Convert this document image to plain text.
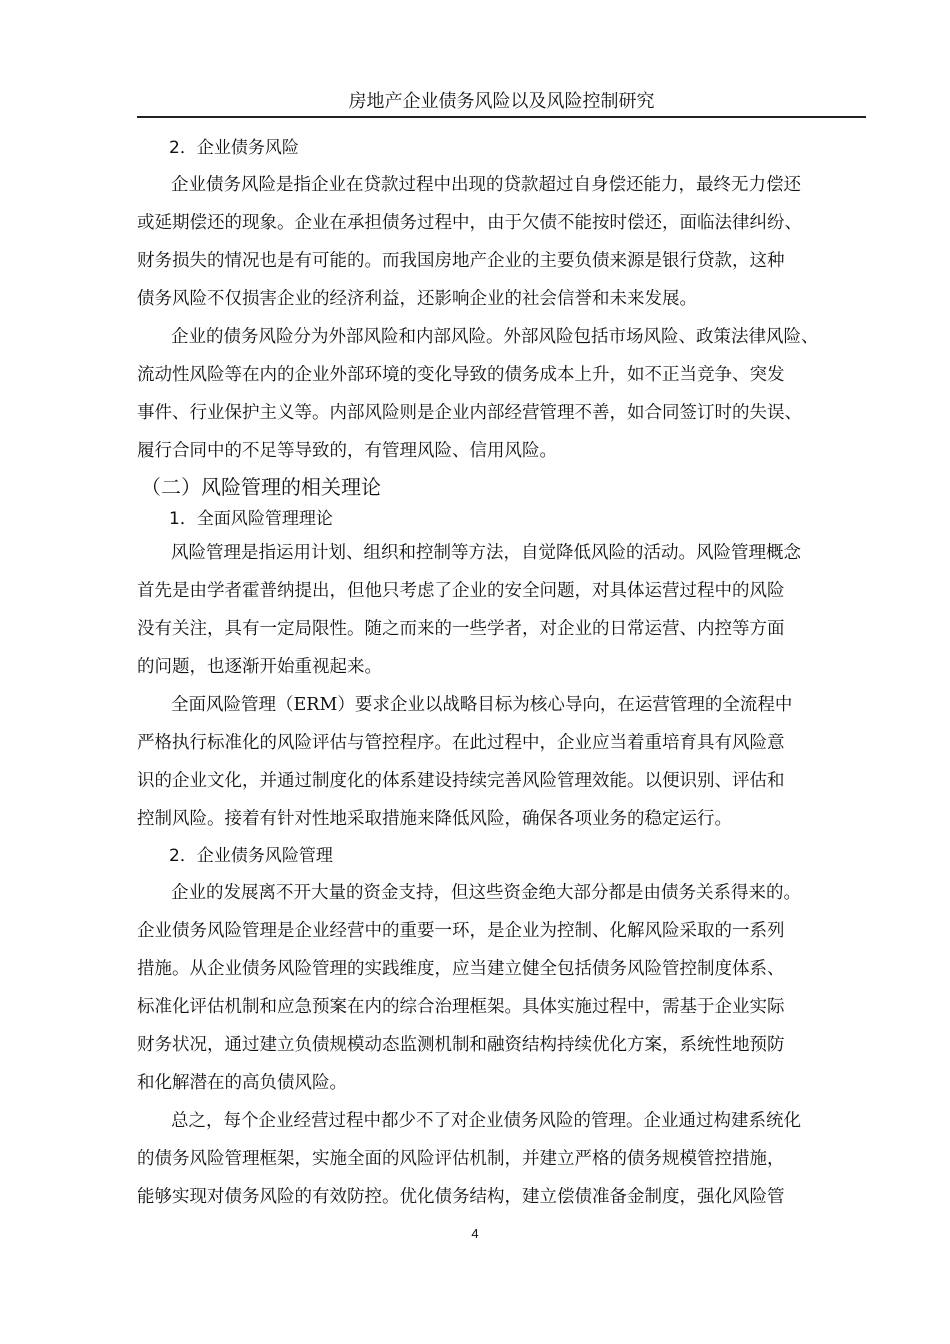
房地产企业债务风险以及风险控制研究
2．企业债务风险
企业债务风险是指企业在贷款过程中出现的贷款超过自身偿还能力，最终无力偿还
或延期偿还的现象。企业在承担债务过程中，由于欠债不能按时偿还，面临法律纠纷、
财务损失的情况也是有可能的。而我国房地产企业的主要负债来源是银行贷款，这种
债务风险不仅损害企业的经济利益，还影响企业的社会信誉和未来发展。
企业的债务风险分为外部风险和内部风险。外部风险包括市场风险、政策法律风险、
流动性风险等在内的企业外部环境的变化导致的债务成本上升，如不正当竞争、突发
事件、行业保护主义等。内部风险则是企业内部经营管理不善，如合同签订时的失误、
履行合同中的不足等导致的，有管理风险、信用风险。
（二）风险管理的相关理论
1．全面风险管理理论
风险管理是指运用计划、组织和控制等方法，自觉降低风险的活动。风险管理概念
首先是由学者霍普纳提出，但他只考虑了企业的安全问题，对具体运营过程中的风险
没有关注，具有一定局限性。随之而来的一些学者，对企业的日常运营、内控等方面
的问题，也逐渐开始重视起来。
全面风险管理（ERM）要求企业以战略目标为核心导向，在运营管理的全流程中
严格执行标准化的风险评估与管控程序。在此过程中，企业应当着重培育具有风险意
识的企业文化，并通过制度化的体系建设持续完善风险管理效能。以便识别、评估和
控制风险。接着有针对性地采取措施来降低风险，确保各项业务的稳定运行。
2．企业债务风险管理
企业的发展离不开大量的资金支持，但这些资金绝大部分都是由债务关系得来的。
企业债务风险管理是企业经营中的重要一环，是企业为控制、化解风险采取的一系列
措施。从企业债务风险管理的实践维度，应当建立健全包括债务风险管控制度体系、
标准化评估机制和应急预案在内的综合治理框架。具体实施过程中，需基于企业实际
财务状况，通过建立负债规模动态监测机制和融资结构持续优化方案，系统性地预防
和化解潜在的高负债风险。
总之，每个企业经营过程中都少不了对企业债务风险的管理。企业通过构建系统化
的债务风险管理框架，实施全面的风险评估机制，并建立严格的债务规模管控措施，
能够实现对债务风险的有效防控。优化债务结构，建立偿债准备金制度，强化风险管
4
